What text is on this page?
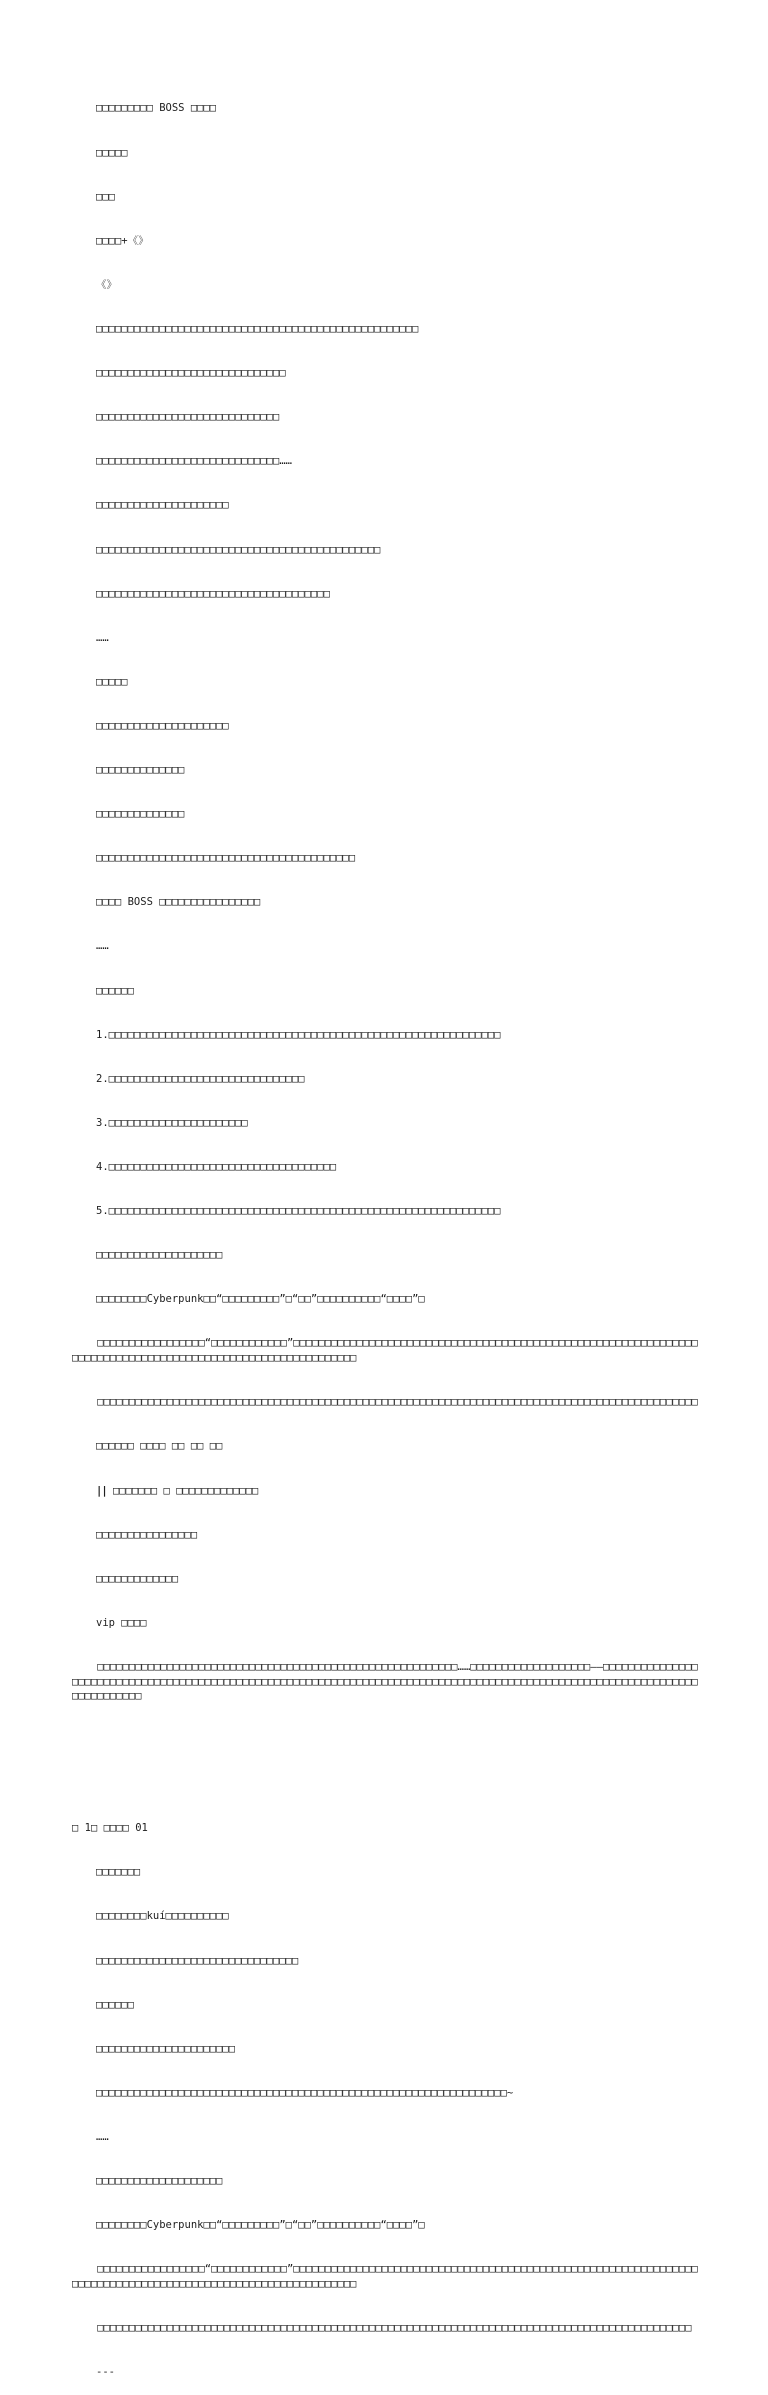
□□□□□□□□□ BOSS □□□□

□□□□□

□□□

□□□□+《》

《》

□□□□□□□□□□□□□□□□□□□□□□□□□□□□□□□□□□□□□□□□□□□□□□□□□□□

□□□□□□□□□□□□□□□□□□□□□□□□□□□□□□

□□□□□□□□□□□□□□□□□□□□□□□□□□□□□

□□□□□□□□□□□□□□□□□□□□□□□□□□□□□……

□□□□□□□□□□□□□□□□□□□□□

□□□□□□□□□□□□□□□□□□□□□□□□□□□□□□□□□□□□□□□□□□□□□

□□□□□□□□□□□□□□□□□□□□□□□□□□□□□□□□□□□□□

……

□□□□□

□□□□□□□□□□□□□□□□□□□□□

□□□□□□□□□□□□□□

□□□□□□□□□□□□□□

□□□□□□□□□□□□□□□□□□□□□□□□□□□□□□□□□□□□□□□□□

□□□□ BOSS □□□□□□□□□□□□□□□□

……

□□□□□□

1.□□□□□□□□□□□□□□□□□□□□□□□□□□□□□□□□□□□□□□□□□□□□□□□□□□□□□□□□□□□□□□

2.□□□□□□□□□□□□□□□□□□□□□□□□□□□□□□□

3.□□□□□□□□□□□□□□□□□□□□□□

4.□□□□□□□□□□□□□□□□□□□□□□□□□□□□□□□□□□□□

5.□□□□□□□□□□□□□□□□□□□□□□□□□□□□□□□□□□□□□□□□□□□□□□□□□□□□□□□□□□□□□□

□□□□□□□□□□□□□□□□□□□□

□□□□□□□□Cyberpunk□□“□□□□□□□□□”□“□□”□□□□□□□□□□“□□□□”□

□□□□□□□□□□□□□□□□□“□□□□□□□□□□□□”□□□□□□□□□□□□□□□□□□□□□□□□□□□□□□□□□□□□□□□□□□□□□□□□□□□□□□□□□□□□□□□□□□□□□□□□□□□□□□□□□□□□□□□□□□□□□□□□□□□□□□□□□□□□□

□□□□□□□□□□□□□□□□□□□□□□□□□□□□□□□□□□□□□□□□□□□□□□□□□□□□□□□□□□□□□□□□□□□□□□□□□□□□□□□□□□□□□□□□□□□□□□□

□□□□□□ □□□□ □□ □□ □□

|| □□□□□□□ □ □□□□□□□□□□□□□

□□□□□□□□□□□□□□□□

□□□□□□□□□□□□□

vip □□□□

□□□□□□□□□□□□□□□□□□□□□□□□□□□□□□□□□□□□□□□□□□□□□□□□□□□□□□□□□……□□□□□□□□□□□□□□□□□□□——□□□□□□□□□□□□□□□□□□□□□□□□□□□□□□□□□□□□□□□□□□□□□□□□□□□□□□□□□□□□□□□□□□□□□□□□□□□□□□□□□□□□□□□□□□□□□□□□□□□□□□□□□□□□□□□□□□□□□□□□□□□□□

□ 1□ □□□□ 01

□□□□□□□

□□□□□□□□kuí□□□□□□□□□□

□□□□□□□□□□□□□□□□□□□□□□□□□□□□□□□□

□□□□□□

□□□□□□□□□□□□□□□□□□□□□□

□□□□□□□□□□□□□□□□□□□□□□□□□□□□□□□□□□□□□□□□□□□□□□□□□□□□□□□□□□□□□□□□□~

……

□□□□□□□□□□□□□□□□□□□□

□□□□□□□□Cyberpunk□□“□□□□□□□□□”□“□□”□□□□□□□□□□“□□□□”□

□□□□□□□□□□□□□□□□□“□□□□□□□□□□□□”□□□□□□□□□□□□□□□□□□□□□□□□□□□□□□□□□□□□□□□□□□□□□□□□□□□□□□□□□□□□□□□□□□□□□□□□□□□□□□□□□□□□□□□□□□□□□□□□□□□□□□□□□□□□□

□□□□□□□□□□□□□□□□□□□□□□□□□□□□□□□□□□□□□□□□□□□□□□□□□□□□□□□□□□□□□□□□□□□□□□□□□□□□□□□□□□□□□□□□□□□□□□

---
